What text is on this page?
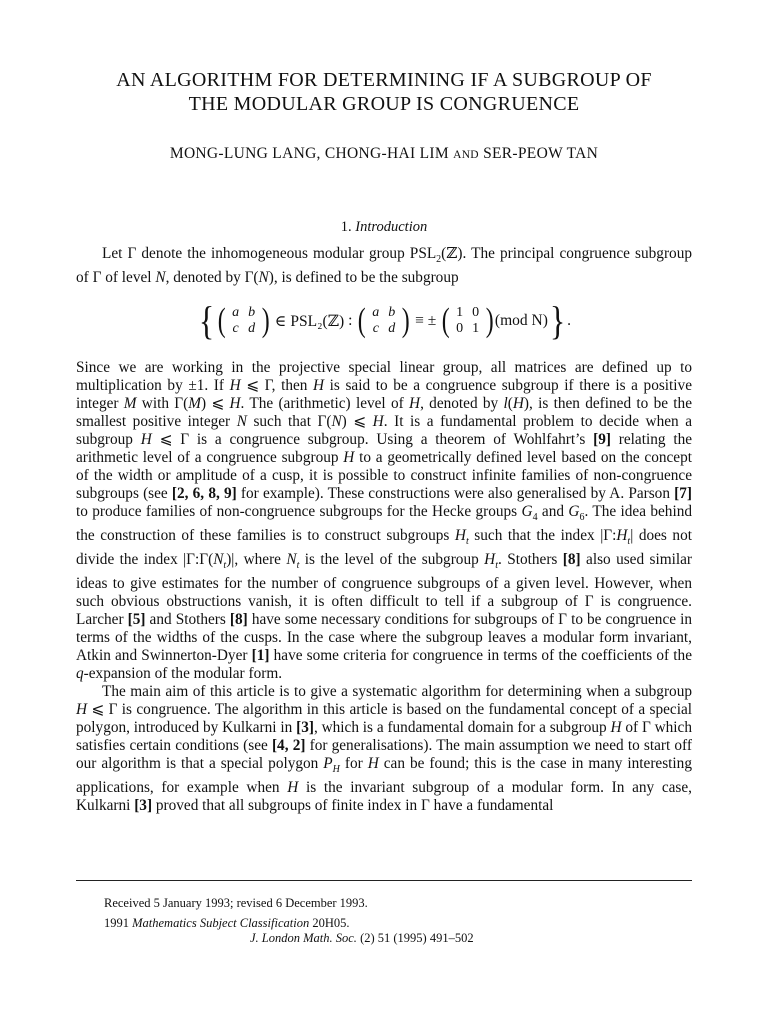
AN ALGORITHM FOR DETERMINING IF A SUBGROUP OF
THE MODULAR GROUP IS CONGRUENCE
MONG-LUNG LANG, CHONG-HAI LIM AND SER-PEOW TAN
1. Introduction

Let Γ denote the inhomogeneous modular group $PSL_2(ℤ)$. The principal congruence subgroup of Γ of level N, denoted by Γ(N), is defined to be the subgroup

{ ( a b
c d ) ∈ PSL₂(ℤ) : ( a b
c d ) ≡ ± ( 1 0
0 1 ) (mod N) } .

Since we are working in the projective special linear group, all matrices are defined up to multiplication by ±1. If H ⩽ Γ, then H is said to be a congruence subgroup if there is a positive integer M with Γ(M) ⩽ H. The (arithmetic) level of H, denoted by l(H), is then defined to be the smallest positive integer N such that Γ(N) ⩽ H. It is a fundamental problem to decide when a subgroup H ⩽ Γ is a congruence subgroup. Using a theorem of Wohlfahrt’s [9] relating the arithmetic level of a congruence subgroup H to a geometrically defined level based on the concept of the width or amplitude of a cusp, it is possible to construct infinite families of non-congruence subgroups (see [2, 6, 8, 9] for example). These constructions were also generalised by A. Parson [7] to produce families of non-congruence subgroups for the Hecke groups $G_4$ and $G_6$. The idea behind the construction of these families is to construct subgroups $H_t$ such that the index $|\Gamma:H_t|$ does not divide the index $|\Gamma:\Gamma(N_t)|$, where $N_t$ is the level of the subgroup $H_t$. Stothers [8] also used similar ideas to give estimates for the number of congruence subgroups of a given level. However, when such obvious obstructions vanish, it is often difficult to tell if a subgroup of Γ is congruence. Larcher [5] and Stothers [8] have some necessary conditions for subgroups of Γ to be congruence in terms of the widths of the cusps. In the case where the subgroup leaves a modular form invariant, Atkin and Swinnerton-Dyer [1] have some criteria for congruence in terms of the coefficients of the q-expansion of the modular form.

The main aim of this article is to give a systematic algorithm for determining when a subgroup H ⩽ Γ is congruence. The algorithm in this article is based on the fundamental concept of a special polygon, introduced by Kulkarni in [3], which is a fundamental domain for a subgroup H of Γ which satisfies certain conditions (see [4, 2] for generalisations). The main assumption we need to start off our algorithm is that a special polygon $P_H$ for H can be found; this is the case in many interesting applications, for example when H is the invariant subgroup of a modular form. In any case, Kulkarni [3] proved that all subgroups of finite index in Γ have a fundamental

Received 5 January 1993; revised 6 December 1993.
1991 Mathematics Subject Classification 20H05.
J. London Math. Soc. (2) 51 (1995) 491–502
